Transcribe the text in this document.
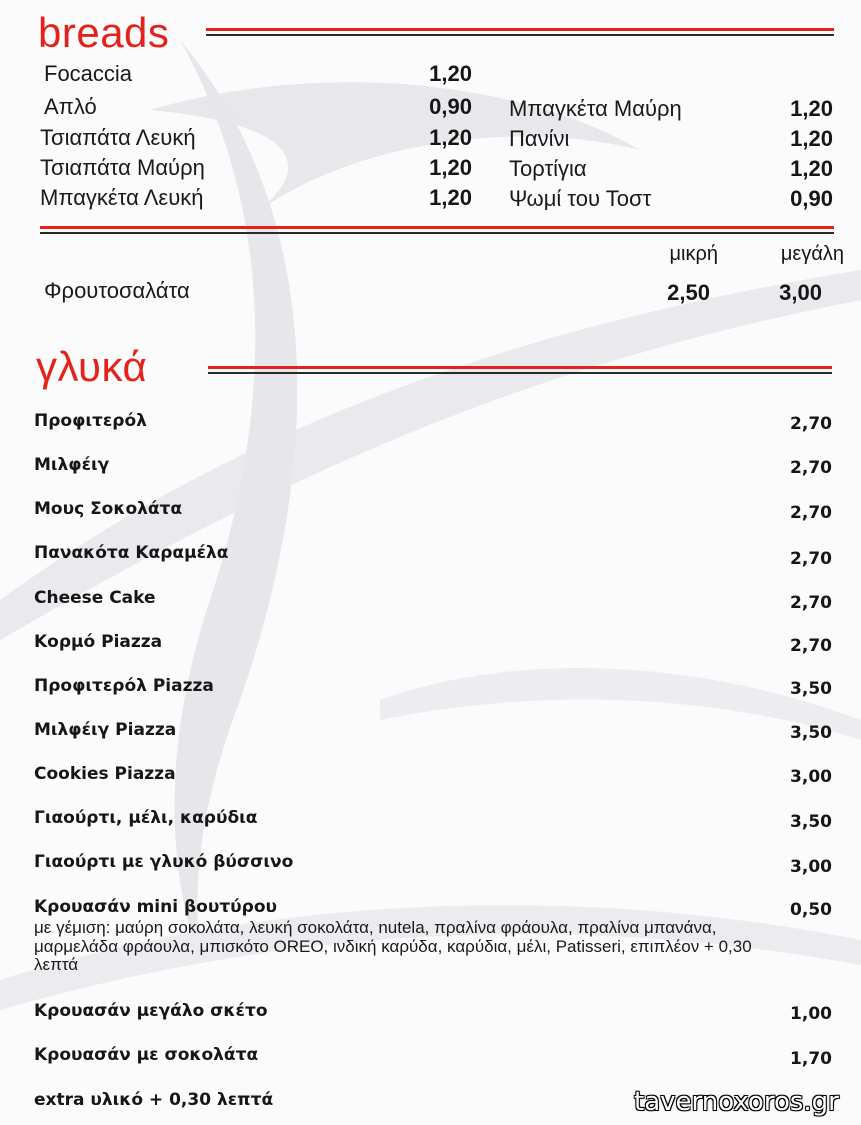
breads
Focaccia	1,20
Απλό	0,90
Τσιαπάτα Λευκή	1,20
Τσιαπάτα Μαύρη	1,20
Μπαγκέτα Λευκή	1,20
Μπαγκέτα Μαύρη	1,20
Πανίνι	1,20
Τορτίγια	1,20
Ψωμί του Τοστ	0,90
μικρή	μεγάλη
Φρουτοσαλάτα	2,50	3,00
γλυκά
Προφιτερόλ	2,70
Μιλφέιγ	2,70
Μους Σοκολάτα	2,70
Πανακότα Καραμέλα	2,70
Cheese Cake	2,70
Κορμό Piazza	2,70
Προφιτερόλ Piazza	3,50
Μιλφέιγ Piazza	3,50
Cookies Piazza	3,00
Γιαούρτι, μέλι, καρύδια	3,50
Γιαούρτι με γλυκό βύσσινο	3,00
Κρουασάν mini βουτύρου	0,50
με γέμιση: μαύρη σοκολάτα, λευκή σοκολάτα, nutela, πραλίνα φράουλα, πραλίνα μπανάνα, μαρμελάδα φράουλα, μπισκότο OREO, ινδική καρύδα, καρύδια, μέλι, Patisseri, επιπλέον + 0,30 λεπτά
Κρουασάν μεγάλο σκέτο	1,00
Κρουασάν με σοκολάτα	1,70
extra υλικό + 0,30 λεπτά	tavernoxoros.gr
